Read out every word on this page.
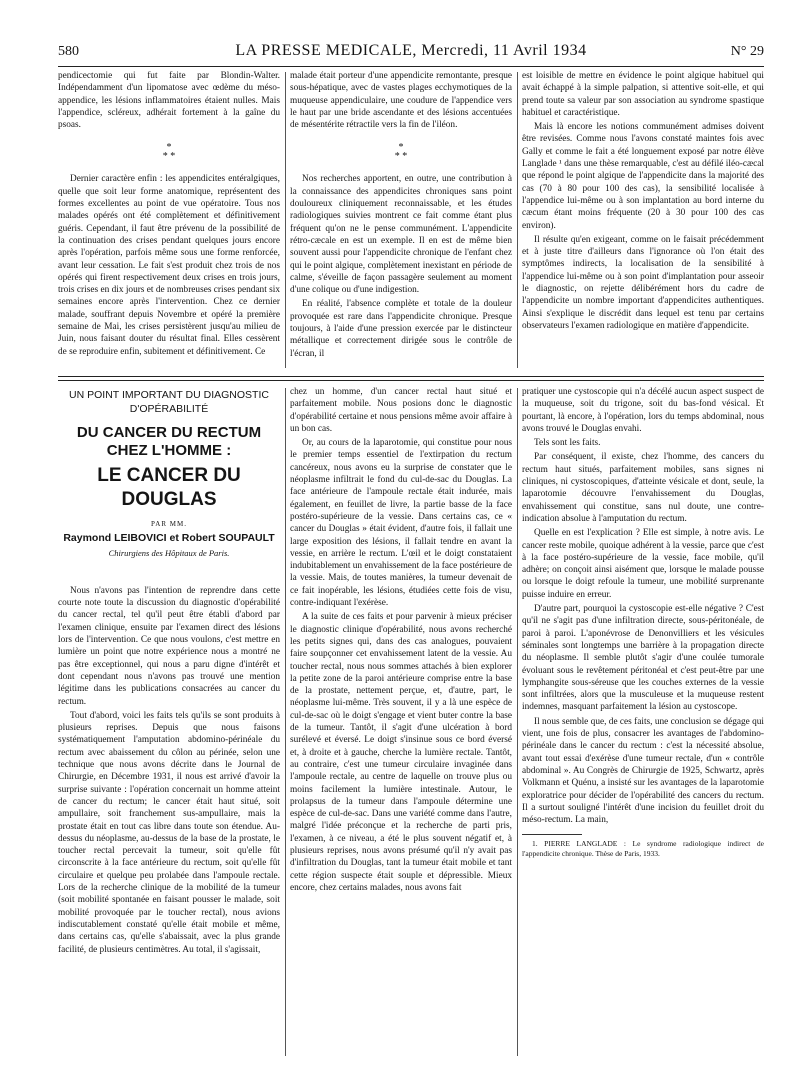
580	LA PRESSE MEDICALE, Mercredi, 11 Avril 1934	N° 29

pendicectomie qui fut faite par Blondin-Walter. Indépendamment d'un lipomatose avec œdème du méso-appendice, les lésions inflammatoires étaient nulles. Mais l'appendice, scléreux, adhérait fortement à la gaîne du psoas.

*
* *

Dernier caractère enfin : les appendicites entéralgiques, quelle que soit leur forme anatomique, représentent des formes excellentes au point de vue opératoire. Tous nos malades opérés ont été complètement et définitivement guéris. Cependant, il faut être prévenu de la possibilité de la continuation des crises pendant quelques jours encore après l'opération, parfois même sous une forme renforcée, avant leur cessation. Le fait s'est produit chez trois de nos opérés qui firent respectivement deux crises en trois jours, trois crises en dix jours et de nombreuses crises pendant six semaines encore après l'intervention. Chez ce dernier malade, souffrant depuis Novembre et opéré la première semaine de Mai, les crises persistèrent jusqu'au milieu de Juin, nous faisant douter du résultat final. Elles cessèrent de se reproduire enfin, subitement et définitivement. Ce

malade était porteur d'une appendicite remontante, presque sous-hépatique, avec de vastes plages ecchymotiques de la muqueuse appendiculaire, une coudure de l'appendice vers le haut par une bride ascendante et des lésions accentuées de mésentérite rétractile vers la fin de l'iléon.

*
* *

Nos recherches apportent, en outre, une contribution à la connaissance des appendicites chroniques sans point douloureux cliniquement reconnaissable, et les études radiologiques suivies montrent ce fait comme étant plus fréquent qu'on ne le pense communément. L'appendicite rétro-cæcale en est un exemple. Il en est de même bien souvent aussi pour l'appendicite chronique de l'enfant chez qui le point algique, complètement inexistant en période de calme, s'éveille de façon passagère seulement au moment d'une colique ou d'une indigestion.

En réalité, l'absence complète et totale de la douleur provoquée est rare dans l'appendicite chronique. Presque toujours, à l'aide d'une pression exercée par le distincteur métallique et correctement dirigée sous le contrôle de l'écran, il

est loisible de mettre en évidence le point algique habituel qui avait échappé à la simple palpation, si attentive soit-elle, et qui prend toute sa valeur par son association au syndrome spastique habituel et caractéristique.

Mais là encore les notions communément admises doivent être revisées. Comme nous l'avons constaté maintes fois avec Gally et comme le fait a été longuement exposé par notre élève Langlade ¹ dans une thèse remarquable, c'est au défilé iléo-cæcal que répond le point algique de l'appendicite dans la majorité des cas (70 à 80 pour 100 des cas), la sensibilité localisée à l'appendice lui-même ou à son implantation au bord interne du cæcum étant moins fréquente (20 à 30 pour 100 des cas environ).

Il résulte qu'en exigeant, comme on le faisait précédemment et à juste titre d'ailleurs dans l'ignorance où l'on était des symptômes indirects, la localisation de la sensibilité à l'appendice lui-même ou à son point d'implantation pour asseoir le diagnostic, on rejette délibérément hors du cadre de l'appendicite un nombre important d'appendicites authentiques. Ainsi s'explique le discrédit dans lequel est tenu par certains observateurs l'examen radiologique en matière d'appendicite.

UN POINT IMPORTANT DU DIAGNOSTIC D'OPÉRABILITÉ
DU CANCER DU RECTUM CHEZ L'HOMME :
LE CANCER DU DOUGLAS
PAR MM.
Raymond LEIBOVICI et Robert SOUPAULT
Chirurgiens des Hôpitaux de Paris.

Nous n'avons pas l'intention de reprendre dans cette courte note toute la discussion du diagnostic d'opérabilité du cancer rectal, tel qu'il peut être établi d'abord par l'examen clinique, ensuite par l'examen direct des lésions lors de l'intervention. Ce que nous voulons, c'est mettre en lumière un point que notre expérience nous a montré ne pas être exceptionnel, qui nous a paru digne d'intérêt et dont cependant nous n'avons pas trouvé une mention légitime dans les publications consacrées au cancer du rectum.

Tout d'abord, voici les faits tels qu'ils se sont produits à plusieurs reprises. Depuis que nous faisons systématiquement l'amputation abdomino-périnéale du rectum avec abaissement du côlon au périnée, selon une technique que nous avons décrite dans le Journal de Chirurgie, en Décembre 1931, il nous est arrivé d'avoir la surprise suivante : l'opération concernait un homme atteint de cancer du rectum; le cancer était haut situé, soit ampullaire, soit franchement sus-ampullaire, mais la prostate était en tout cas libre dans toute son étendue. Au-dessus du néoplasme, au-dessus de la base de la prostate, le toucher rectal percevait la tumeur, soit qu'elle fût circonscrite à la face antérieure du rectum, soit qu'elle fût circulaire et quelque peu prolabée dans l'ampoule rectale. Lors de la recherche clinique de la mobilité de la tumeur (soit mobilité spontanée en faisant pousser le malade, soit mobilité provoquée par le toucher rectal), nous avions indiscutablement constaté qu'elle était mobile et même, dans certains cas, qu'elle s'abaissait, avec la plus grande facilité, de plusieurs centimètres. Au total, il s'agissait,

chez un homme, d'un cancer rectal haut situé et parfaitement mobile. Nous posions donc le diagnostic d'opérabilité certaine et nous pensions même avoir affaire à un bon cas.

Or, au cours de la laparotomie, qui constitue pour nous le premier temps essentiel de l'extirpation du rectum cancéreux, nous avons eu la surprise de constater que le néoplasme infiltrait le fond du cul-de-sac du Douglas. La face antérieure de l'ampoule rectale était indurée, mais également, en feuillet de livre, la partie basse de la face postéro-supérieure de la vessie. Dans certains cas, ce « cancer du Douglas » était évident, d'autre fois, il fallait une large exposition des lésions, il fallait tendre en avant la vessie, en arrière le rectum. L'œil et le doigt constataient indubitablement un envahissement de la face postérieure de la vessie. Mais, de toutes manières, la tumeur devenait de ce fait inopérable, les lésions, étudiées cette fois de visu, contre-indiquant l'exérèse.

A la suite de ces faits et pour parvenir à mieux préciser le diagnostic clinique d'opérabilité, nous avons recherché les petits signes qui, dans des cas analogues, pouvaient faire soupçonner cet envahissement latent de la vessie. Au toucher rectal, nous nous sommes attachés à bien explorer la petite zone de la paroi antérieure comprise entre la base de la prostate, nettement perçue, et, d'autre, part, le néoplasme lui-même. Très souvent, il y a là une espèce de cul-de-sac où le doigt s'engage et vient buter contre la base de la tumeur. Tantôt, il s'agit d'une ulcération à bord surélevé et éversé. Le doigt s'insinue sous ce bord éversé et, à droite et à gauche, cherche la lumière rectale. Tantôt, au contraire, c'est une tumeur circulaire invaginée dans l'ampoule rectale, au centre de laquelle on trouve plus ou moins facilement la lumière intestinale. Autour, le prolapsus de la tumeur dans l'ampoule détermine une espèce de cul-de-sac. Dans une variété comme dans l'autre, malgré l'idée préconçue et la recherche de parti pris, l'examen, à ce niveau, a été le plus souvent négatif et, à plusieurs reprises, nous avons présumé qu'il n'y avait pas d'infiltration du Douglas, tant la tumeur était mobile et tant cette région suspecte était souple et dépressible. Mieux encore, chez certains malades, nous avons fait

pratiquer une cystoscopie qui n'a décélé aucun aspect suspect de la muqueuse, soit du trigone, soit du bas-fond vésical. Et pourtant, là encore, à l'opération, lors du temps abdominal, nous avons trouvé le Douglas envahi.

Tels sont les faits.

Par conséquent, il existe, chez l'homme, des cancers du rectum haut situés, parfaitement mobiles, sans signes ni cliniques, ni cystoscopiques, d'atteinte vésicale et dont, seule, la laparotomie découvre l'envahissement du Douglas, envahissement qui constitue, sans nul doute, une contre-indication absolue à l'amputation du rectum.

Quelle en est l'explication ? Elle est simple, à notre avis. Le cancer reste mobile, quoique adhérent à la vessie, parce que c'est à la face postéro-supérieure de la vessie, face mobile, qu'il adhère; on conçoit ainsi aisément que, lorsque le malade pousse ou lorsque le doigt refoule la tumeur, une mobilité surprenante puisse induire en erreur.

D'autre part, pourquoi la cystoscopie est-elle négative ? C'est qu'il ne s'agit pas d'une infiltration directe, sous-péritonéale, de paroi à paroi. L'aponévrose de Denonvilliers et les vésicules séminales sont longtemps une barrière à la propagation directe du néoplasme. Il semble plutôt s'agir d'une coulée tumorale évoluant sous le revêtement péritonéal et c'est peut-être par une lymphangite sous-séreuse que les couches externes de la vessie sont infiltrées, alors que la musculeuse et la muqueuse restent indemnes, masquant parfaitement la lésion au cystoscope.

Il nous semble que, de ces faits, une conclusion se dégage qui vient, une fois de plus, consacrer les avantages de l'abdomino-périnéale dans le cancer du rectum : c'est la nécessité absolue, avant tout essai d'exérèse d'une tumeur rectale, d'un « contrôle abdominal ». Au Congrès de Chirurgie de 1925, Schwartz, après Volkmann et Quénu, a insisté sur les avantages de la laparotomie exploratrice pour décider de l'opérabilité des cancers du rectum. Il a surtout souligné l'intérêt d'une incision du feuillet droit du méso-rectum. La main,

1. PIERRE LANGLADE : Le syndrome radiologique indirect de l'appendicite chronique. Thèse de Paris, 1933.
